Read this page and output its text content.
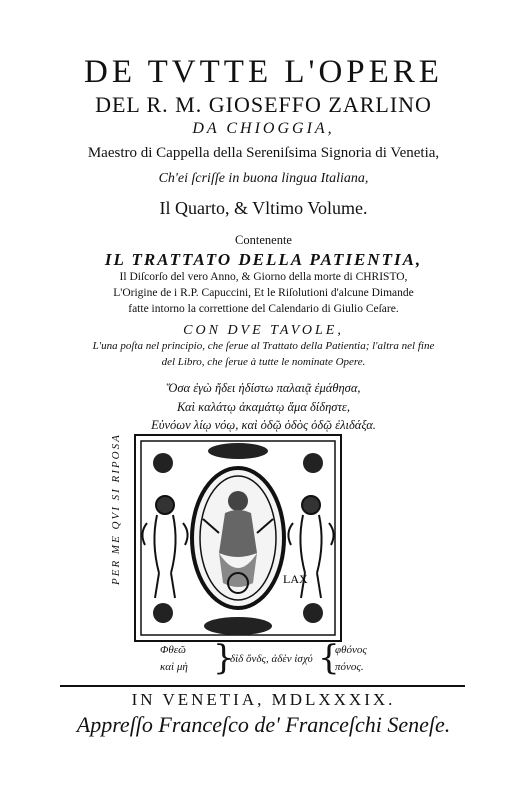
DE TVTTE L'OPERE
DEL R. M. GIOSEFFO ZARLINO
DA CHIOGGIA,
Maestro di Cappella della Sereniſsima Signoria di Venetia,
Ch'ei ſcriſſe in buona lingua Italiana,
Il Quarto, & Vltimo Volume.
Contenente
IL TRATTATO DELLA PATIENTIA,
Il Diſcorſo del vero Anno, & Giorno della morte di CHRISTO,
L'Origine de i R.P. Capuccini, Et le Riſolutioni d'alcune Dimande
fatte intorno la correttione del Calendario di Giulio Ceſare.
CON DVE TAVOLE,
L'una poſta nel principio, che ſerue al Trattato della Patientia; l'altra nel fine
del Libro, che ſerue à tutte le nominate Opere.
Ὅσα ἐγὼ ἤδει ἠδίστω παλαιᾷ ἐμάθησα,
Καὶ καλάτῳ ἀκαμάτῳ ἅμα δίδηστε,
Εὐνόων λίῳ νόῳ, καὶ ὁδῷ ὁδὸς ὁδῷ ἐλιδάξα.
PER ME QVI SI RIPOSA	LAX
Φθεῶ
καὶ μὴ }
δὶδ ὄνδς, ἀδὲν ἰσχύ {
φθόνος
πόνος.
IN VENETIA, MDLXXXIX.
Appreſſo Franceſco de' Franceſchi Seneſe.
